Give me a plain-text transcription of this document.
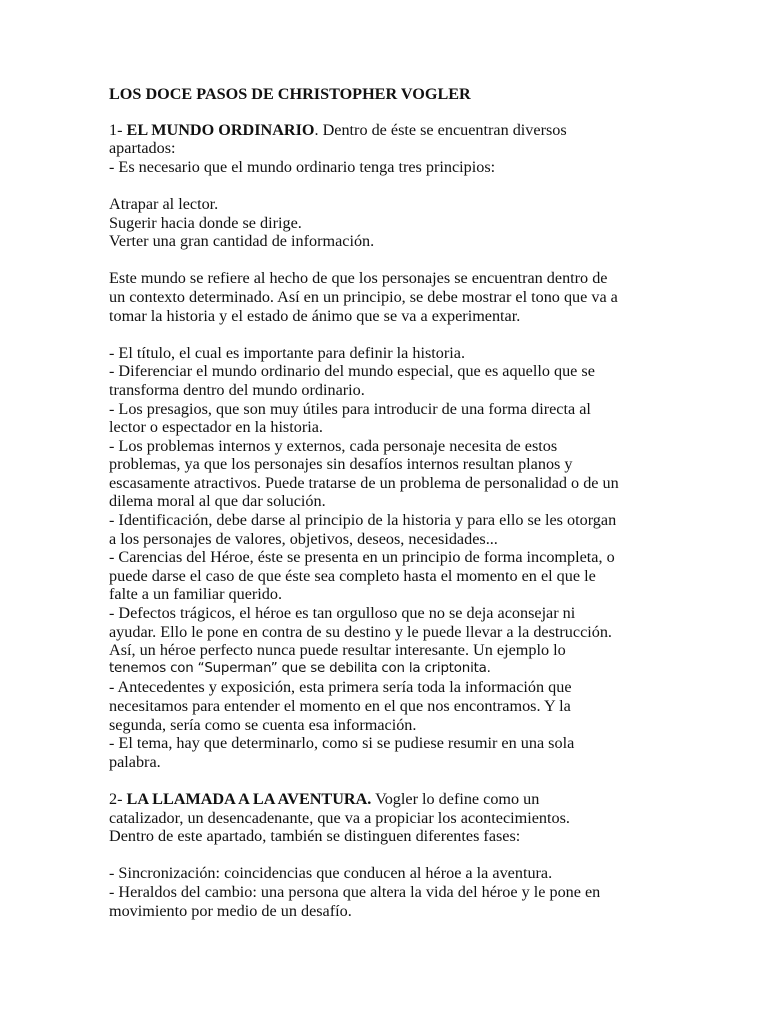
LOS DOCE PASOS DE CHRISTOPHER VOGLER

1- EL MUNDO ORDINARIO. Dentro de éste se encuentran diversos

apartados:

- Es necesario que el mundo ordinario tenga tres principios:

Atrapar al lector.

Sugerir hacia donde se dirige.

Verter una gran cantidad de información.

Este mundo se refiere al hecho de que los personajes se encuentran dentro de

un contexto determinado. Así en un principio, se debe mostrar el tono que va a

tomar la historia y el estado de ánimo que se va a experimentar.

- El título, el cual es importante para definir la historia.

- Diferenciar el mundo ordinario del mundo especial, que es aquello que se

transforma dentro del mundo ordinario.

- Los presagios, que son muy útiles para introducir de una forma directa al

lector o espectador en la historia.

- Los problemas internos y externos, cada personaje necesita de estos

problemas, ya que los personajes sin desafíos internos resultan planos y

escasamente atractivos. Puede tratarse de un problema de personalidad o de un

dilema moral al que dar solución.

- Identificación, debe darse al principio de la historia y para ello se les otorgan

a los personajes de valores, objetivos, deseos, necesidades...

- Carencias del Héroe, éste se presenta en un principio de forma incompleta, o

puede darse el caso de que éste sea completo hasta el momento en el que le

falte a un familiar querido.

- Defectos trágicos, el héroe es tan orgulloso que no se deja aconsejar ni

ayudar. Ello le pone en contra de su destino y le puede llevar a la destrucción.

Así, un héroe perfecto nunca puede resultar interesante. Un ejemplo lo

tenemos con “Superman” que se debilita con la criptonita.

- Antecedentes y exposición, esta primera sería toda la información que

necesitamos para entender el momento en el que nos encontramos. Y la

segunda, sería como se cuenta esa información.

- El tema, hay que determinarlo, como si se pudiese resumir en una sola

palabra.

2- LA LLAMADA A LA AVENTURA. Vogler lo define como un

catalizador, un desencadenante, que va a propiciar los acontecimientos.

Dentro de este apartado, también se distinguen diferentes fases:

- Sincronización: coincidencias que conducen al héroe a la aventura.

- Heraldos del cambio: una persona que altera la vida del héroe y le pone en

movimiento por medio de un desafío.
